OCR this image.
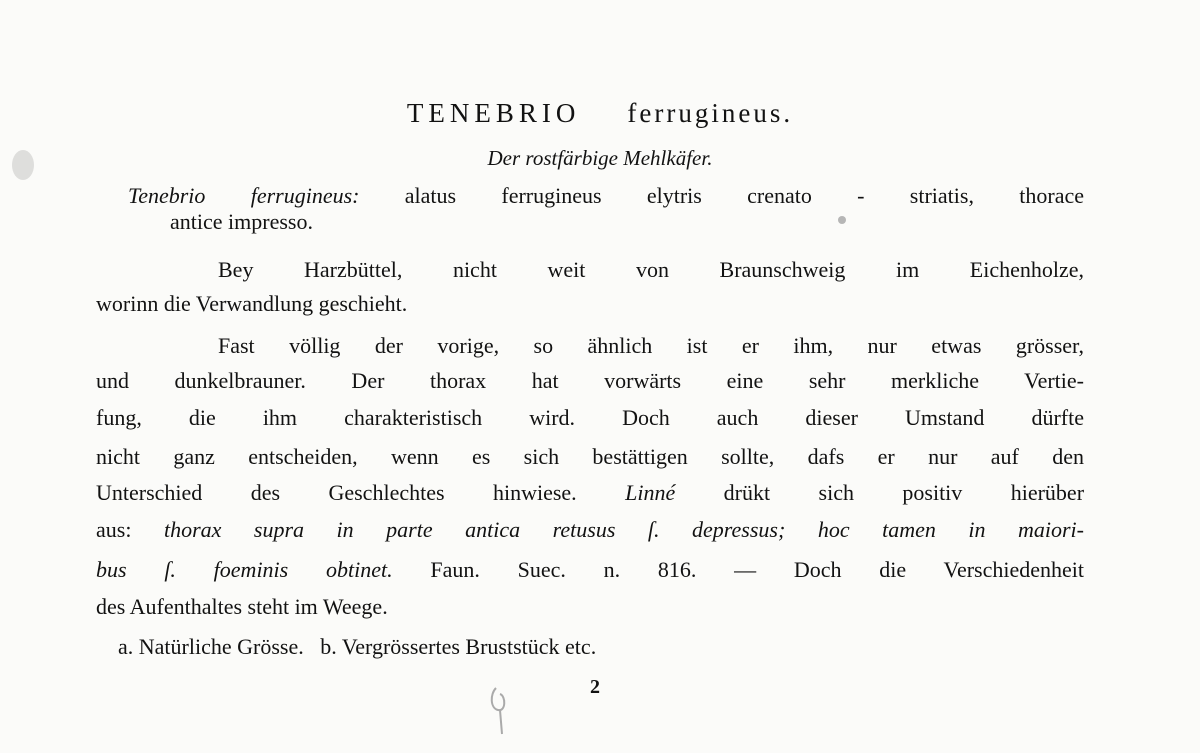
TENEBRIO ferrugineus.
Der rostfärbige Mehlkäfer.
Tenebrio ferrugineus: alatus ferrugineus elytris crenato - striatis, thorace
antice impresso.
Bey Harzbüttel, nicht weit von Braunschweig im Eichenholze,
worinn die Verwandlung geschieht.
Fast völlig der vorige, so ähnlich ist er ihm, nur etwas grösser,
und dunkelbrauner. Der thorax hat vorwärts eine sehr merkliche Vertie-
fung, die ihm charakteristisch wird. Doch auch dieser Umstand dürfte
nicht ganz entscheiden, wenn es sich bestättigen sollte, dafs er nur auf den
Unterschied des Geschlechtes hinwiese. Linné drükt sich positiv hierüber
aus: thorax supra in parte antica retusus ſ. depressus; hoc tamen in maiori-
bus ſ. foeminis obtinet. Faun. Suec. n. 816. — Doch die Verschiedenheit
des Aufenthaltes steht im Weege.
a. Natürliche Grösse.   b. Vergrössertes Bruststück etc.
2
